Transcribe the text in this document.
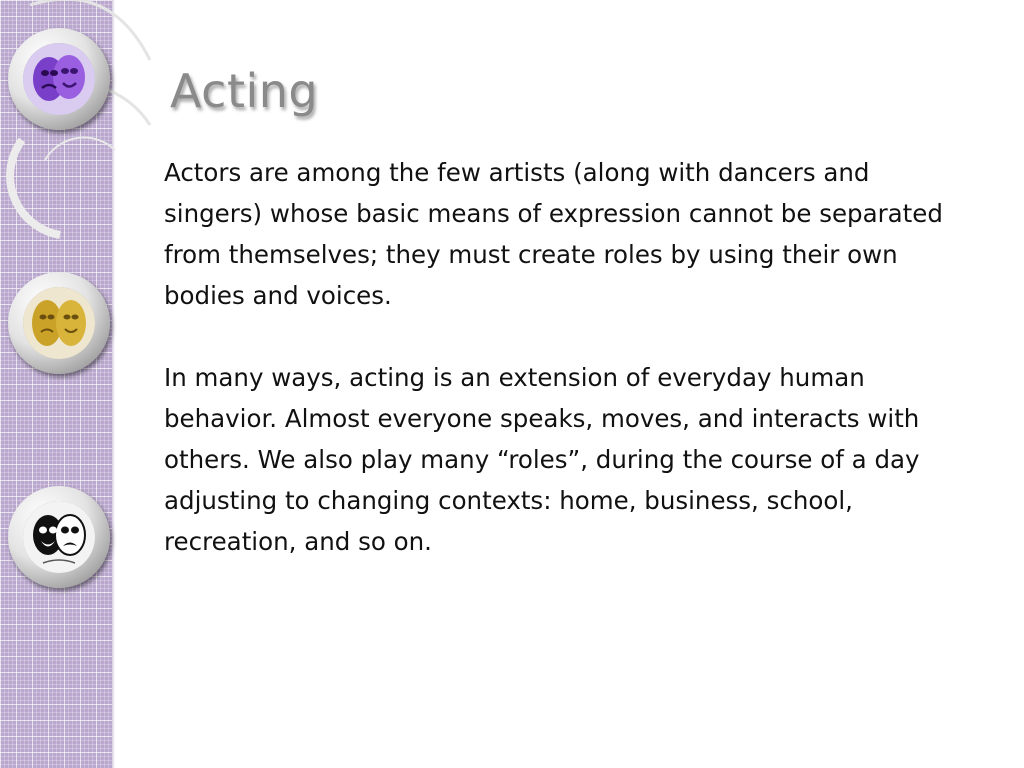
Acting

Actors are among the few artists (along with dancers and singers) whose basic means of expression cannot be separated from themselves; they must create roles by using their own bodies and voices.

In many ways, acting is an extension of everyday human behavior. Almost everyone speaks, moves, and interacts with others. We also play many “roles”, during the course of a day adjusting to changing contexts: home, business, school, recreation, and so on.
